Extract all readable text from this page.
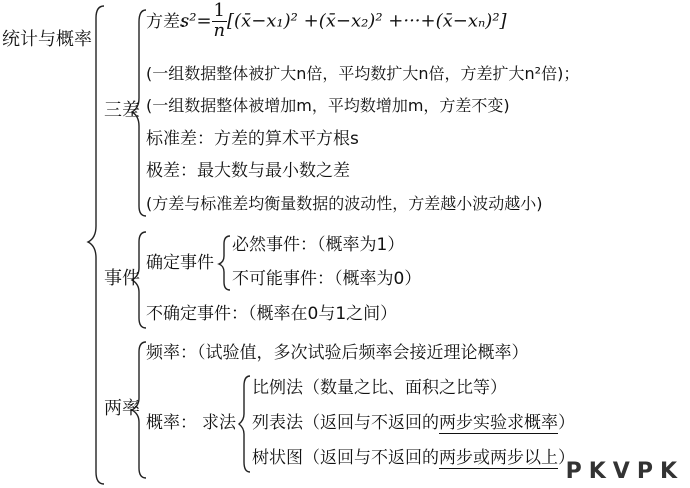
统计与概率
三差
方差:
$s^2= \frac{1}{n}$ [(x̄−x₁)² +(x̄−x₂)² +···+(x̄−xₙ)²]
(一组数据整体被扩大n倍，平均数扩大n倍，方差扩大n²倍)；
(一组数据整体被增加m，平均数增加m，方差不变)
标准差：方差的算术平方根s
极差：最大数与最小数之差
(方差与标准差均衡量数据的波动性，方差越小波动越小)
事件
确定事件
必然事件：（概率为1）
不可能事件：（概率为0）
不确定事件：（概率在0与1之间）
两率
频率：（试验值，多次试验后频率会接近理论概率）
概率： 求法
比例法（数量之比、面积之比等）
列表法（返回与不返回的两步实验求概率）
树状图（返回与不返回的两步或两步以上）
PKVPK
